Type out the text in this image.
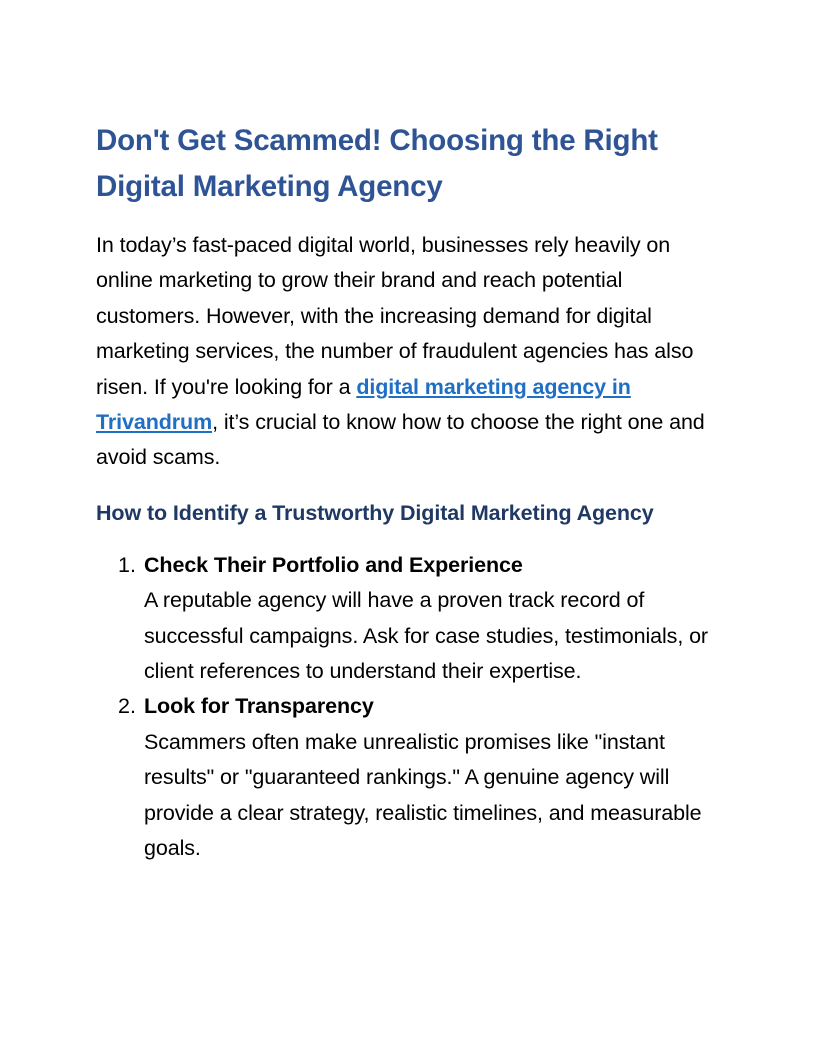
Don't Get Scammed! Choosing the Right Digital Marketing Agency

In today’s fast-paced digital world, businesses rely heavily on online marketing to grow their brand and reach potential customers. However, with the increasing demand for digital marketing services, the number of fraudulent agencies has also risen. If you're looking for a digital marketing agency in Trivandrum, it’s crucial to know how to choose the right one and avoid scams.

How to Identify a Trustworthy Digital Marketing Agency
1. Check Their Portfolio and Experience
A reputable agency will have a proven track record of successful campaigns. Ask for case studies, testimonials, or client references to understand their expertise.
2. Look for Transparency
Scammers often make unrealistic promises like "instant results" or "guaranteed rankings." A genuine agency will provide a clear strategy, realistic timelines, and measurable goals.
